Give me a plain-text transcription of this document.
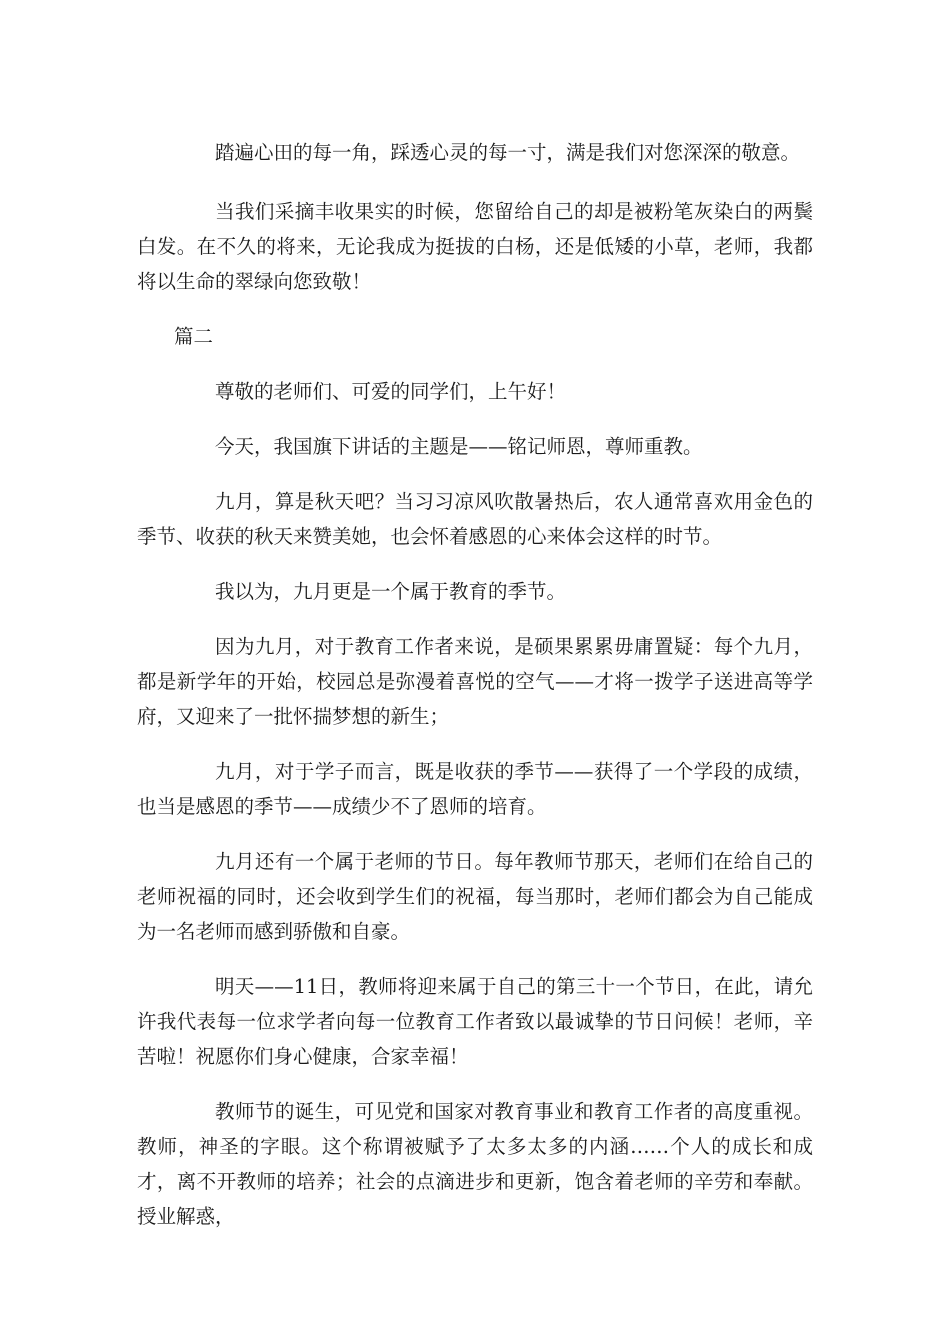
踏遍心田的每一角，踩透心灵的每一寸，满是我们对您深深的敬意。

当我们采摘丰收果实的时候，您留给自己的却是被粉笔灰染白的两鬓白发。在不久的将来，无论我成为挺拔的白杨，还是低矮的小草，老师，我都将以生命的翠绿向您致敬！

篇二

尊敬的老师们、可爱的同学们，上午好！

今天，我国旗下讲话的主题是——铭记师恩，尊师重教。

九月，算是秋天吧？当习习凉风吹散暑热后，农人通常喜欢用金色的季节、收获的秋天来赞美她，也会怀着感恩的心来体会这样的时节。

我以为，九月更是一个属于教育的季节。

因为九月，对于教育工作者来说，是硕果累累毋庸置疑：每个九月，都是新学年的开始，校园总是弥漫着喜悦的空气——才将一拨学子送进高等学府，又迎来了一批怀揣梦想的新生；

九月，对于学子而言，既是收获的季节——获得了一个学段的成绩，也当是感恩的季节——成绩少不了恩师的培育。

九月还有一个属于老师的节日。每年教师节那天，老师们在给自己的老师祝福的同时，还会收到学生们的祝福，每当那时，老师们都会为自己能成为一名老师而感到骄傲和自豪。

明天——11日，教师将迎来属于自己的第三十一个节日，在此，请允许我代表每一位求学者向每一位教育工作者致以最诚挚的节日问候！老师，辛苦啦！祝愿你们身心健康，合家幸福！

教师节的诞生，可见党和国家对教育事业和教育工作者的高度重视。教师，神圣的字眼。这个称谓被赋予了太多太多的内涵……个人的成长和成才，离不开教师的培养；社会的点滴进步和更新，饱含着老师的辛劳和奉献。授业解惑，
